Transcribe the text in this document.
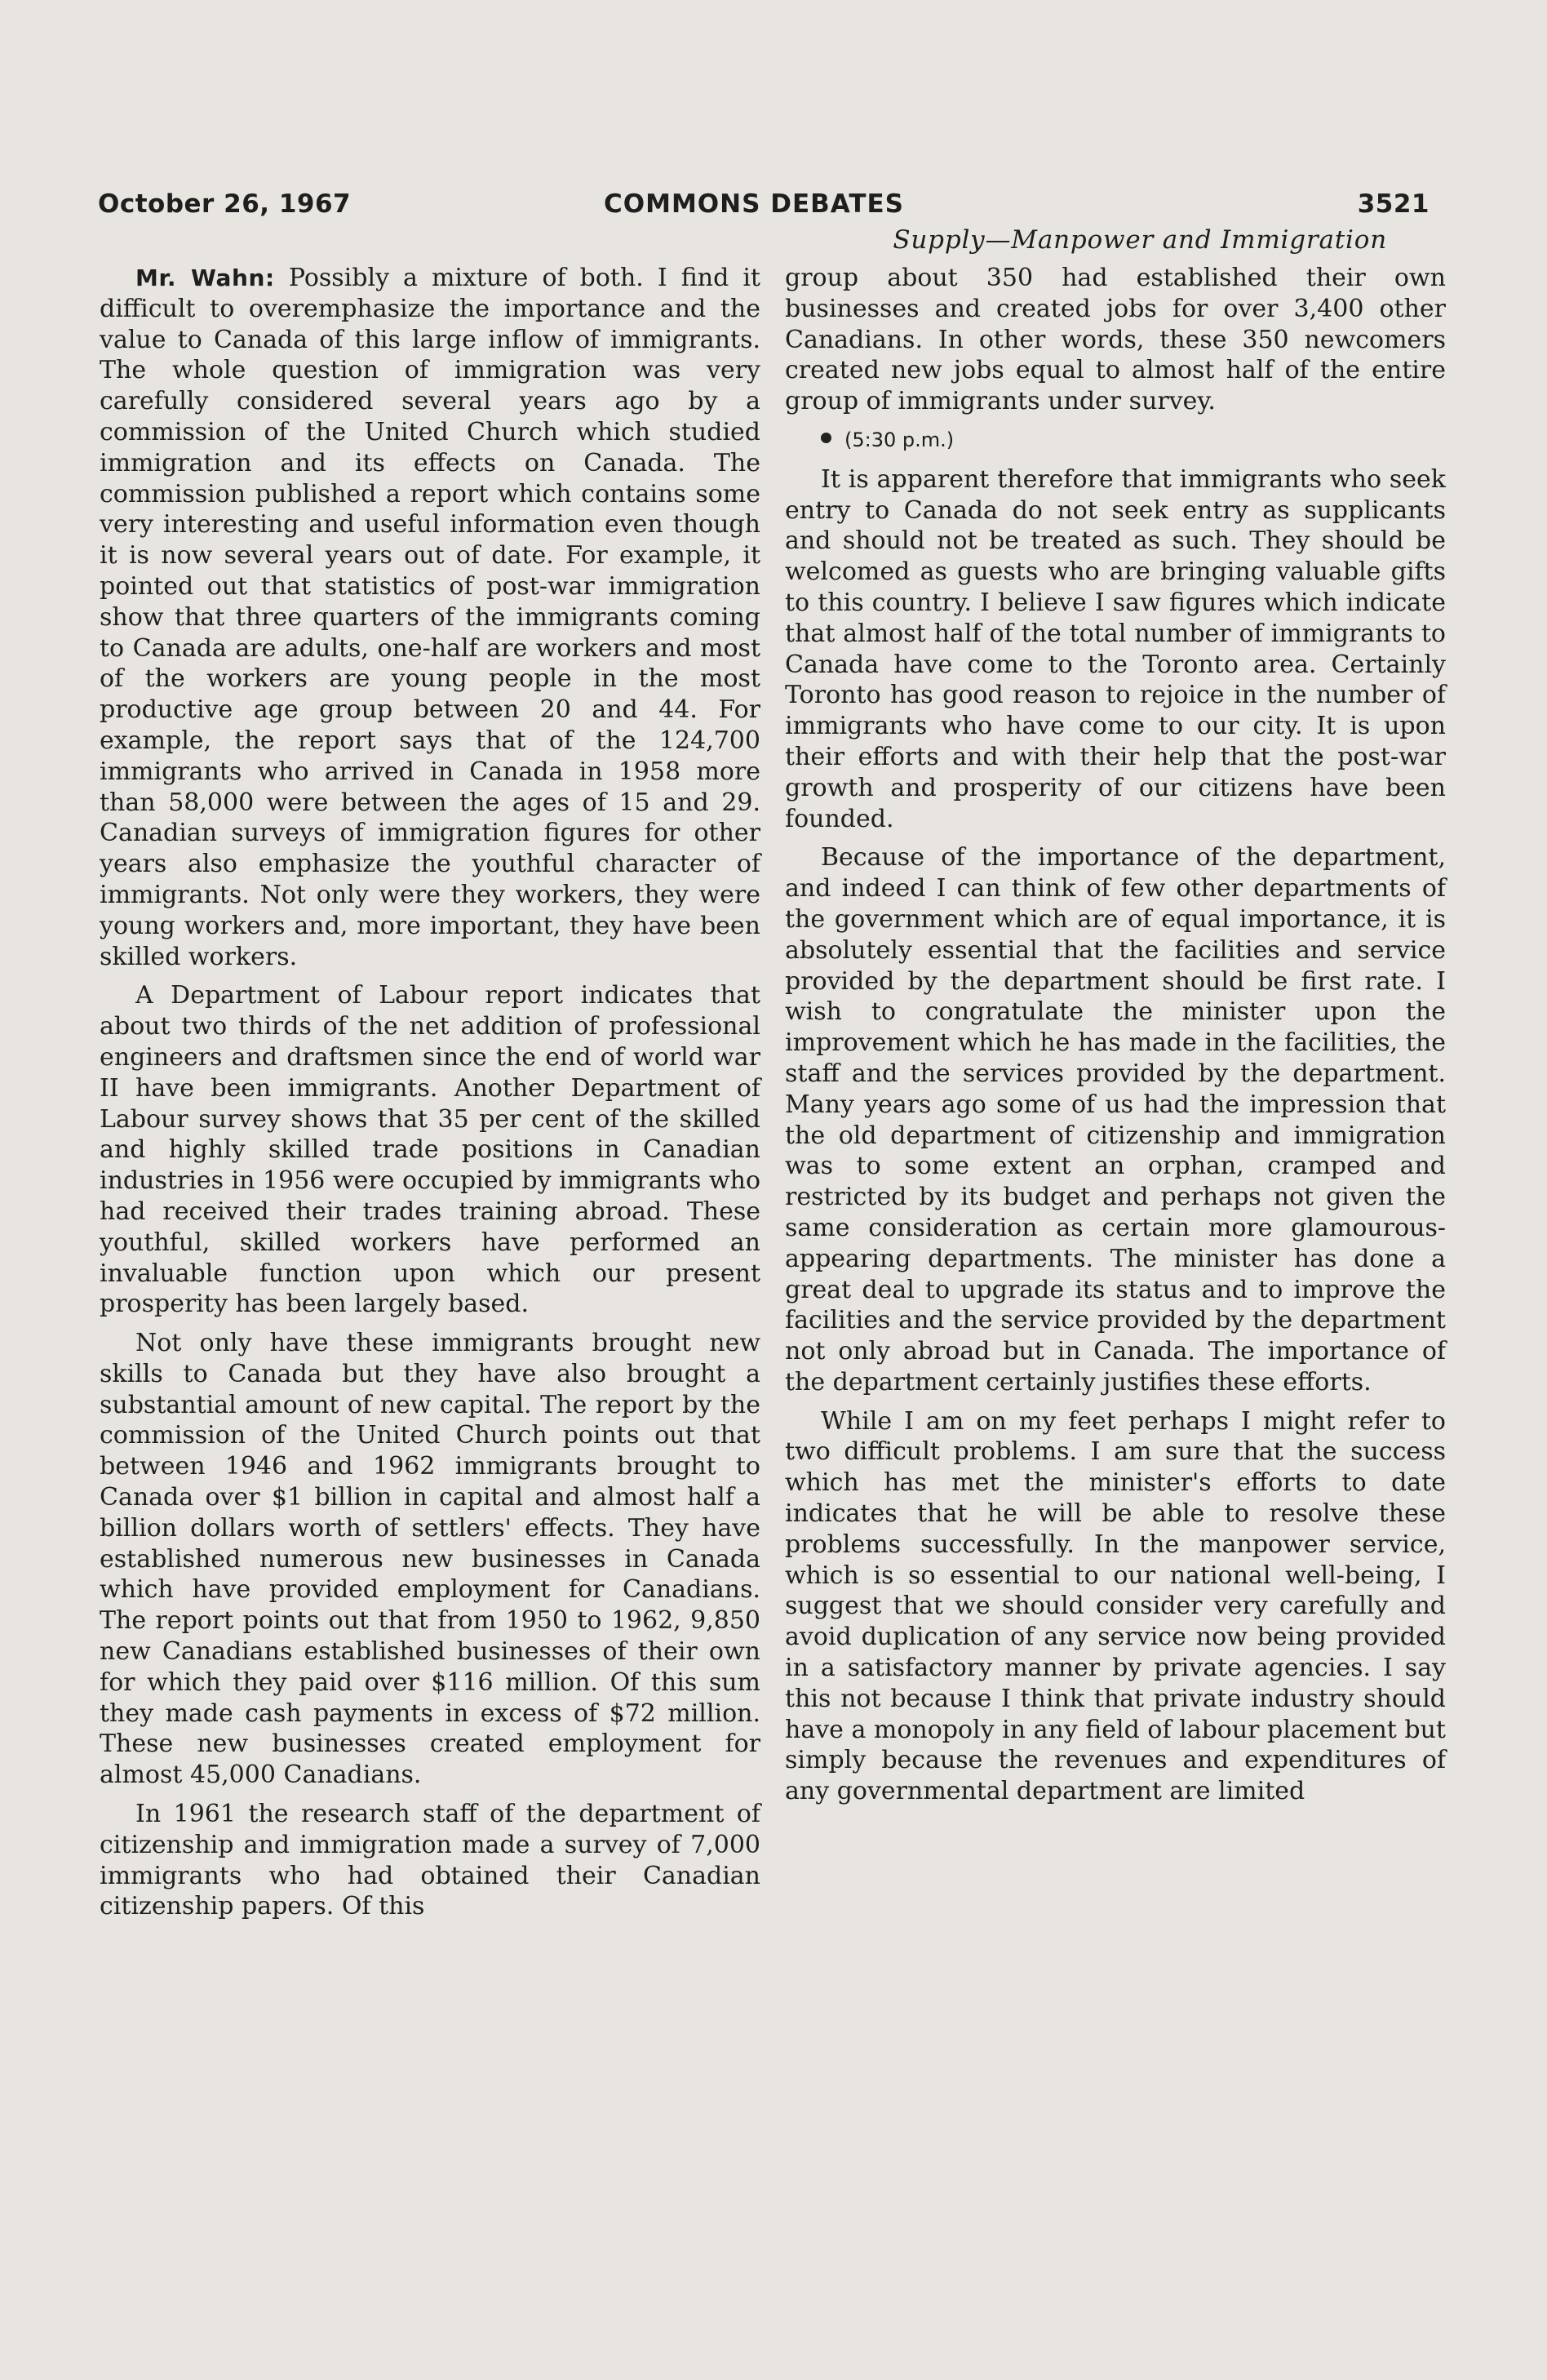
October 26, 1967	COMMONS DEBATES	3521
Supply—Manpower and Immigration

Mr. Wahn: Possibly a mixture of both. I find it difficult to overemphasize the importance and the value to Canada of this large inflow of immigrants. The whole question of immigration was very carefully considered several years ago by a commission of the United Church which studied immigration and its effects on Canada. The commission published a report which contains some very interesting and useful information even though it is now several years out of date. For example, it pointed out that statistics of post-war immigration show that three quarters of the immigrants coming to Canada are adults, one-half are workers and most of the workers are young people in the most productive age group between 20 and 44. For example, the report says that of the 124,700 immigrants who arrived in Canada in 1958 more than 58,000 were between the ages of 15 and 29. Canadian surveys of immigration figures for other years also emphasize the youthful character of immigrants. Not only were they workers, they were young workers and, more important, they have been skilled workers.

A Department of Labour report indicates that about two thirds of the net addition of professional engineers and draftsmen since the end of world war II have been immigrants. Another Department of Labour survey shows that 35 per cent of the skilled and highly skilled trade positions in Canadian industries in 1956 were occupied by immigrants who had received their trades training abroad. These youthful, skilled workers have performed an invaluable function upon which our present prosperity has been largely based.

Not only have these immigrants brought new skills to Canada but they have also brought a substantial amount of new capital. The report by the commission of the United Church points out that between 1946 and 1962 immigrants brought to Canada over $1 billion in capital and almost half a billion dollars worth of settlers' effects. They have established numerous new businesses in Canada which have provided employment for Canadians. The report points out that from 1950 to 1962, 9,850 new Canadians established businesses of their own for which they paid over $116 million. Of this sum they made cash payments in excess of $72 million. These new businesses created employment for almost 45,000 Canadians.

In 1961 the research staff of the department of citizenship and immigration made a survey of 7,000 immigrants who had obtained their Canadian citizenship papers. Of this

group about 350 had established their own businesses and created jobs for over 3,400 other Canadians. In other words, these 350 newcomers created new jobs equal to almost half of the entire group of immigrants under survey.

(5:30 p.m.)

It is apparent therefore that immigrants who seek entry to Canada do not seek entry as supplicants and should not be treated as such. They should be welcomed as guests who are bringing valuable gifts to this country. I believe I saw figures which indicate that almost half of the total number of immigrants to Canada have come to the Toronto area. Certainly Toronto has good reason to rejoice in the number of immigrants who have come to our city. It is upon their efforts and with their help that the post-war growth and prosperity of our citizens have been founded.

Because of the importance of the department, and indeed I can think of few other departments of the government which are of equal importance, it is absolutely essential that the facilities and service provided by the department should be first rate. I wish to congratulate the minister upon the improvement which he has made in the facilities, the staff and the services provided by the department. Many years ago some of us had the impression that the old department of citizenship and immigration was to some extent an orphan, cramped and restricted by its budget and perhaps not given the same consideration as certain more glamourous-appearing departments. The minister has done a great deal to upgrade its status and to improve the facilities and the service provided by the department not only abroad but in Canada. The importance of the department certainly justifies these efforts.

While I am on my feet perhaps I might refer to two difficult problems. I am sure that the success which has met the minister's efforts to date indicates that he will be able to resolve these problems successfully. In the manpower service, which is so essential to our national well-being, I suggest that we should consider very carefully and avoid duplication of any service now being provided in a satisfactory manner by private agencies. I say this not because I think that private industry should have a monopoly in any field of labour placement but simply because the revenues and expenditures of any governmental department are limited
